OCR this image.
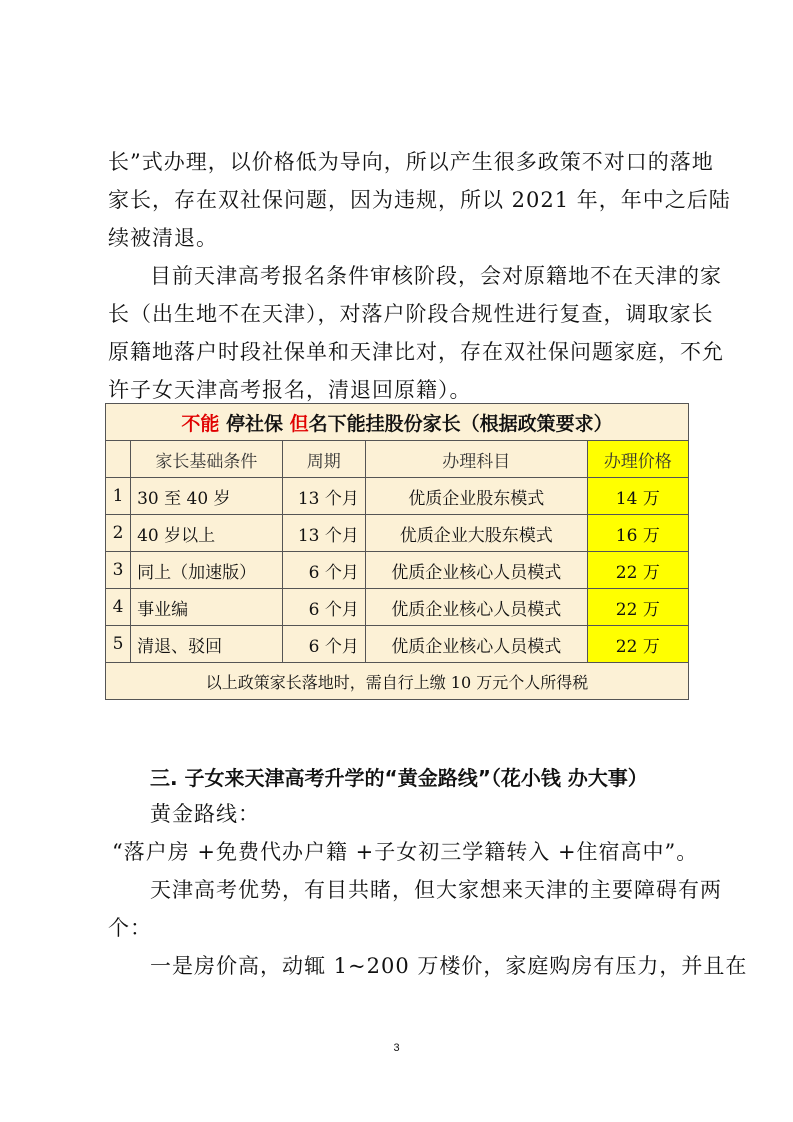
长”式办理，以价格低为导向，所以产生很多政策不对口的落地
家长，存在双社保问题，因为违规，所以 2021 年，年中之后陆
续被清退。

目前天津高考报名条件审核阶段，会对原籍地不在天津的家
长（出生地不在天津），对落户阶段合规性进行复查，调取家长
原籍地落户时段社保单和天津比对，存在双社保问题家庭，不允
许子女天津高考报名，清退回原籍）。

不能 停社保 但名下能挂股份家长（根据政策要求）				
	家长基础条件	周期	办理科目	办理价格
1	30 至 40 岁	13 个月	优质企业股东模式	14 万
2	40 岁以上	13 个月	优质企业大股东模式	16 万
3	同上（加速版）	6 个月	优质企业核心人员模式	22 万
4	事业编	6 个月	优质企业核心人员模式	22 万
5	清退、驳回	6 个月	优质企业核心人员模式	22 万
以上政策家长落地时，需自行上缴 10 万元个人所得税				
三. 子女来天津高考升学的“黄金路线”（花小钱 办大事）

黄金路线：

“落户房 +免费代办户籍 +子女初三学籍转入 +住宿高中”。

天津高考优势，有目共睹，但大家想来天津的主要障碍有两
个：

一是房价高，动辄 1~200 万楼价，家庭购房有压力，并且在

3
